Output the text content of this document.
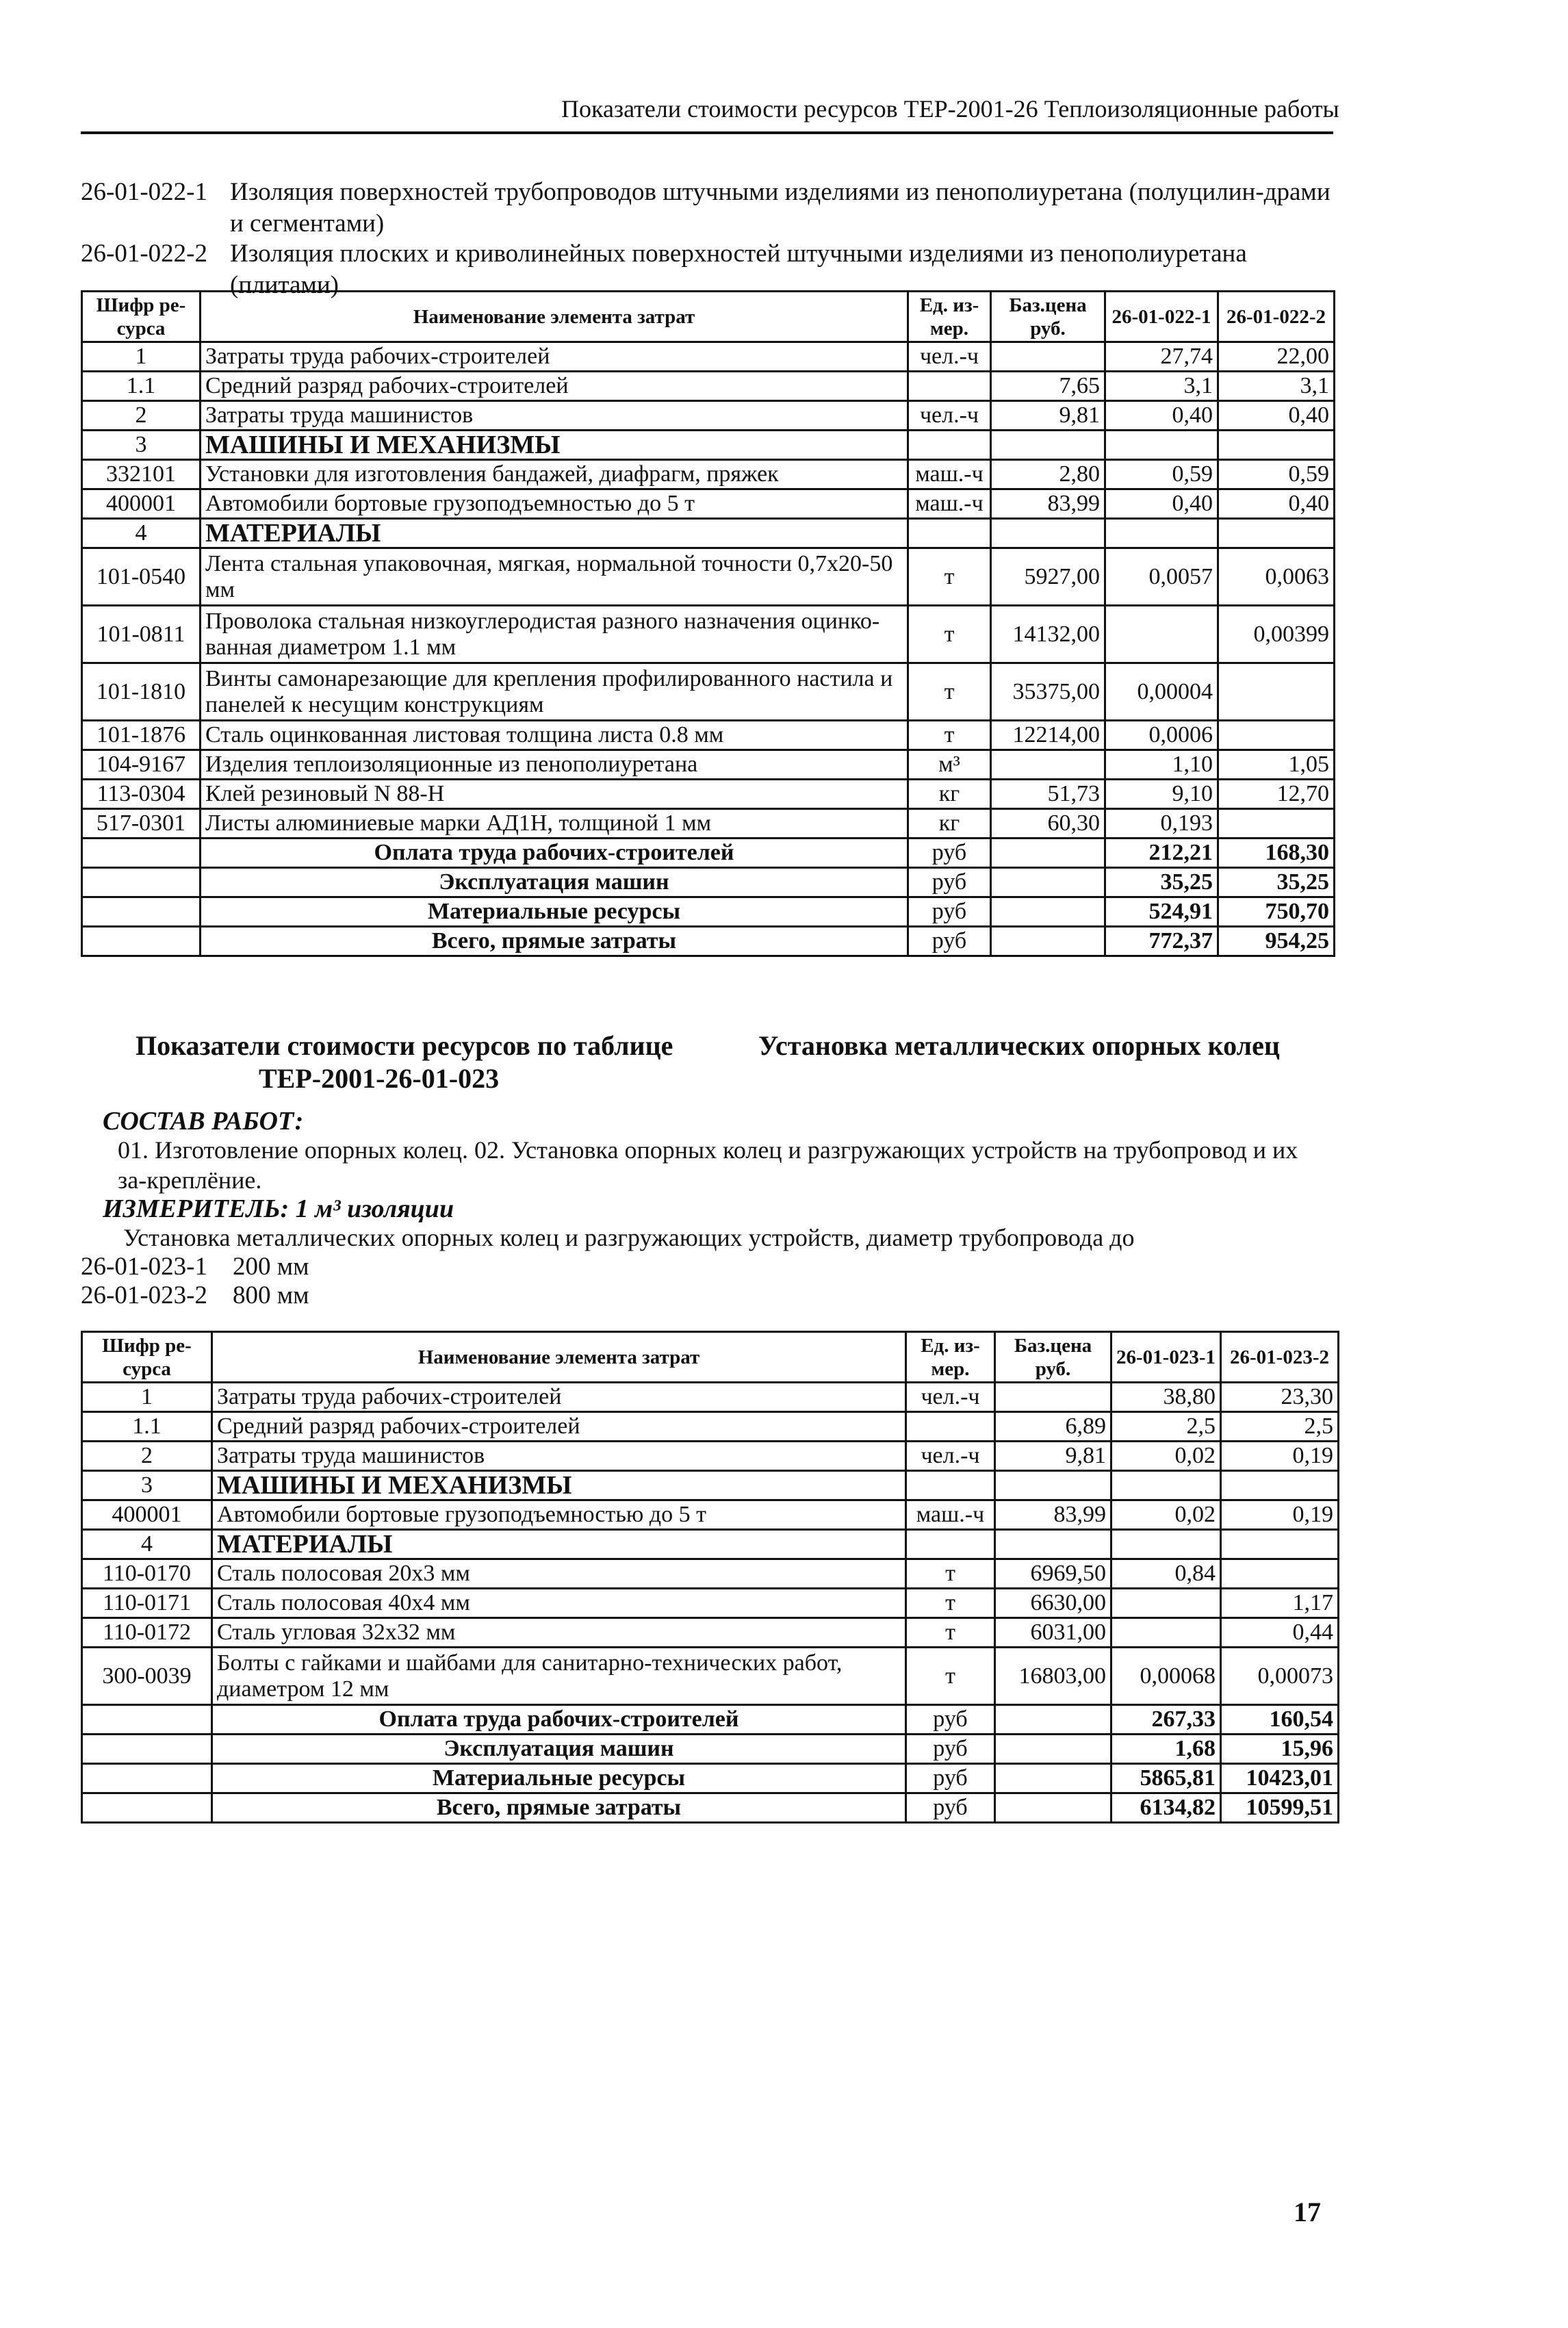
Показатели стоимости ресурсов ТЕР-2001-26 Теплоизоляционные работы
26-01-022-1 Изоляция поверхностей трубопроводов штучными изделиями из пенополиуретана (полуцилин-драми и сегментами)
26-01-022-2 Изоляция плоских и криволинейных поверхностей штучными изделиями из пенополиуретана (плитами)
Шифр ре-сурса	Наименование элемента затрат	Ед. из-мер.	Баз.цена руб.	26-01-022-1	26-01-022-2
1	Затраты труда рабочих-строителей	чел.-ч		27,74	22,00
1.1	Средний разряд рабочих-строителей		7,65	3,1	3,1
2	Затраты труда машинистов	чел.-ч	9,81	0,40	0,40
3	МАШИНЫ И МЕХАНИЗМЫ				
332101	Установки для изготовления бандажей, диафрагм, пряжек	маш.-ч	2,80	0,59	0,59
400001	Автомобили бортовые грузоподъемностью до 5 т	маш.-ч	83,99	0,40	0,40
4	МАТЕРИАЛЫ				
101-0540	Лента стальная упаковочная, мягкая, нормальной точности 0,7х20-50 мм	т	5927,00	0,0057	0,0063
101-0811	Проволока стальная низкоуглеродистая разного назначения оцинко-ванная диаметром 1.1 мм	т	14132,00		0,00399
101-1810	Винты самонарезающие для крепления профилированного настила и панелей к несущим конструкциям	т	35375,00	0,00004	
101-1876	Сталь оцинкованная листовая толщина листа 0.8 мм	т	12214,00	0,0006	
104-9167	Изделия теплоизоляционные из пенополиуретана	м³		1,10	1,05
113-0304	Клей резиновый N 88-Н	кг	51,73	9,10	12,70
517-0301	Листы алюминиевые марки АД1Н, толщиной 1 мм	кг	60,30	0,193	
	Оплата труда рабочих-строителей	руб		212,21	168,30
	Эксплуатация машин	руб		35,25	35,25
	Материальные ресурсы	руб		524,91	750,70
	Всего, прямые затраты	руб		772,37	954,25
Показатели стоимости ресурсов по таблице
ТЕР-2001-26-01-023
Установка металлических опорных колец
СОСТАВ РАБОТ:
01. Изготовление опорных колец. 02. Установка опорных колец и разгружающих устройств на трубопровод и их за-креплёние.
ИЗМЕРИТЕЛЬ: 1 м³ изоляции
Установка металлических опорных колец и разгружающих устройств, диаметр трубопровода до
26-01-023-1 200 мм
26-01-023-2 800 мм
Шифр ре-сурса	Наименование элемента затрат	Ед. из-мер.	Баз.цена руб.	26-01-023-1	26-01-023-2
1	Затраты труда рабочих-строителей	чел.-ч		38,80	23,30
1.1	Средний разряд рабочих-строителей		6,89	2,5	2,5
2	Затраты труда машинистов	чел.-ч	9,81	0,02	0,19
3	МАШИНЫ И МЕХАНИЗМЫ				
400001	Автомобили бортовые грузоподъемностью до 5 т	маш.-ч	83,99	0,02	0,19
4	МАТЕРИАЛЫ				
110-0170	Сталь полосовая 20х3 мм	т	6969,50	0,84	
110-0171	Сталь полосовая 40х4 мм	т	6630,00		1,17
110-0172	Сталь угловая 32х32 мм	т	6031,00		0,44
300-0039	Болты с гайками и шайбами для санитарно-технических работ, диаметром 12 мм	т	16803,00	0,00068	0,00073
	Оплата труда рабочих-строителей	руб		267,33	160,54
	Эксплуатация машин	руб		1,68	15,96
	Материальные ресурсы	руб		5865,81	10423,01
	Всего, прямые затраты	руб		6134,82	10599,51
17
